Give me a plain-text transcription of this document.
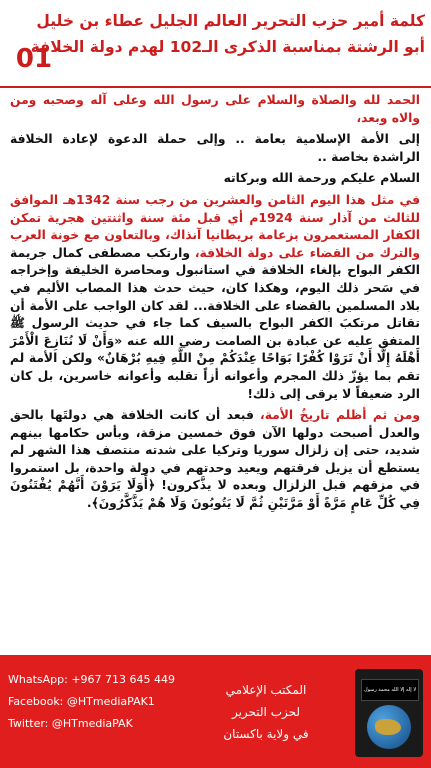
01
كلمة أمير حزب التحرير العالم الجليل عطاء بن خليل
أبو الرشتة بمناسبة الذكرى الـ102 لهدم دولة الخلافة

الحمد لله والصلاة والسلام على رسول الله وعلى آله وصحبه ومن والاه وبعد،

إلى الأمة الإسلامية بعامة .. وإلى حملة الدعوة لإعادة الخلافة الراشدة بخاصة ..

السلام عليكم ورحمة الله وبركاته

في مثل هذا اليوم الثامن والعشرين من رجب سنة 1342هـ الموافق للثالث من آذار سنة 1924م أي قبل مئة سنة واثنتين هجرية تمكن الكفار المستعمرون بزعامة بريطانيا آنذاك، وبالتعاون مع خونة العرب والترك من القضاء على دولة الخلافة، وارتكب مصطفى كمال جريمة الكفر البواح بإلغاء الخلافة في استانبول ومحاصرة الخليفة وإخراجه في سَحر ذلك اليوم، وهكذا كان، حيث حدث هذا المصاب الأليم في بلاد المسلمين بالقضاء على الخلافة... لقد كان الواجب على الأمة أن تقاتل مرتكبَ الكفر البواح بالسيف كما جاء في حديث الرسول ﷺ المتفق عليه عن عبادة بن الصامت رضي الله عنه «وَأَنْ لَا نُنَازِعَ الْأَمْرَ أَهْلَهُ إِلَّا أَنْ تَرَوْا كُفْرًا بَوَاحًا عِنْدَكُمْ مِنْ اللَّهِ فِيهِ بُرْهَانٌ» ولكن الأمة لم تقم بما يؤزّ ذلك المجرم وأعوانه أزاً تقلبه وأعوانه خاسرين، بل كان الرد ضعيفاً لا يرقى إلى ذلك!

ومن ثم أظلم تاريخُ الأمة، فبعد أن كانت الخلافة هي دولتَها بالحق والعدل أصبحت دولها الآن فوق خمسين مزقة، وبأس حكامها بينهم شديد، حتى إن زلزال سوريا وتركيا على شدته منتصف هذا الشهر لم يستطع أن يزيل فرقتهم ويعيد وحدتهم في دولة واحدة، بل استمروا في مزقهم قبل الزلزال وبعده لا يذَّكرون! ﴿أَوَلَا يَرَوْنَ أَنَّهُمْ يُفْتَنُونَ فِي كُلِّ عَامٍ مَرَّةً أَوْ مَرَّتَيْنِ ثُمَّ لَا يَتُوبُونَ وَلَا هُمْ يَذَّكَّرُونَ﴾.

WhatsApp: +967 713 645 449
Facebook: @HTmediaPAK1
Twitter: @HTmediaPAK
المكتب الإعلامي
لحزب التحرير
في ولاية باكستان
لا إله إلا الله محمد رسول
